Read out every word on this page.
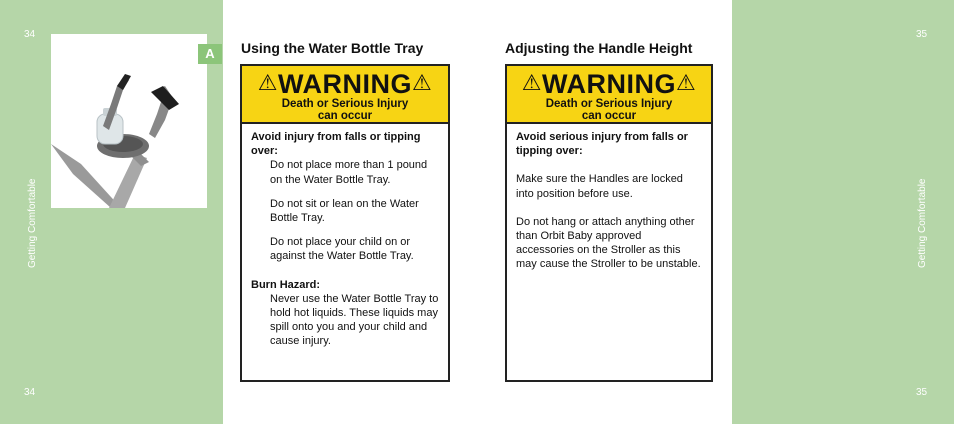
34
Getting Comfortable
34
35
Getting Comfortable
35
A	Using the Water Bottle Tray
⚠WARNING⚠
Death or Serious Injury
can occur
Avoid injury from falls or tipping over:
Do not place more than 1 pound on the Water Bottle Tray.
Do not sit or lean on the Water Bottle Tray.
Do not place your child on or against the Water Bottle Tray.
Burn Hazard:
Never use the Water Bottle Tray to hold hot liquids. These liquids may spill onto you and your child and cause injury.
Adjusting the Handle Height
⚠WARNING⚠
Death or Serious Injury
can occur
Avoid serious injury from falls or tipping over:
Make sure the Handles are locked into position before use.
Do not hang or attach anything other than Orbit Baby approved accessories on the Stroller as this may cause the Stroller to be unstable.
